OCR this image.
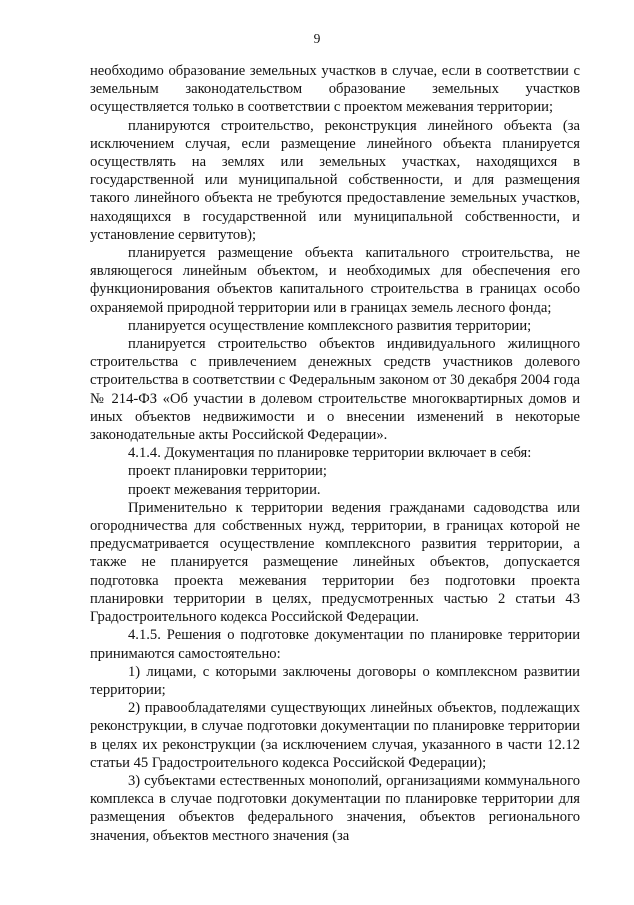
9

необходимо образование земельных участков в случае, если в соответствии с земельным законодательством образование земельных участков осуществляется только в соответствии с проектом межевания территории;

планируются строительство, реконструкция линейного объекта (за исключением случая, если размещение линейного объекта планируется осуществлять на землях или земельных участках, находящихся в государственной или муниципальной собственности, и для размещения такого линейного объекта не требуются предоставление земельных участков, находящихся в государственной или муниципальной собственности, и установление сервитутов);

планируется размещение объекта капитального строительства, не являющегося линейным объектом, и необходимых для обеспечения его функционирования объектов капитального строительства в границах особо охраняемой природной территории или в границах земель лесного фонда;

планируется осуществление комплексного развития территории;

планируется строительство объектов индивидуального жилищного строительства с привлечением денежных средств участников долевого строительства в соответствии с Федеральным законом от 30 декабря 2004 года № 214-ФЗ «Об участии в долевом строительстве многоквартирных домов и иных объектов недвижимости и о внесении изменений в некоторые законодательные акты Российской Федерации».

4.1.4. Документация по планировке территории включает в себя:

проект планировки территории;

проект межевания территории.

Применительно к территории ведения гражданами садоводства или огородничества для собственных нужд, территории, в границах которой не предусматривается осуществление комплексного развития территории, а также не планируется размещение линейных объектов, допускается подготовка проекта межевания территории без подготовки проекта планировки территории в целях, предусмотренных частью 2 статьи 43 Градостроительного кодекса Российской Федерации.

4.1.5. Решения о подготовке документации по планировке территории принимаются самостоятельно:

1) лицами, с которыми заключены договоры о комплексном развитии территории;

2) правообладателями существующих линейных объектов, подлежащих реконструкции, в случае подготовки документации по планировке территории в целях их реконструкции (за исключением случая, указанного в части 12.12 статьи 45 Градостроительного кодекса Российской Федерации);

3) субъектами естественных монополий, организациями коммунального комплекса в случае подготовки документации по планировке территории для размещения объектов федерального значения, объектов регионального значения, объектов местного значения (за
